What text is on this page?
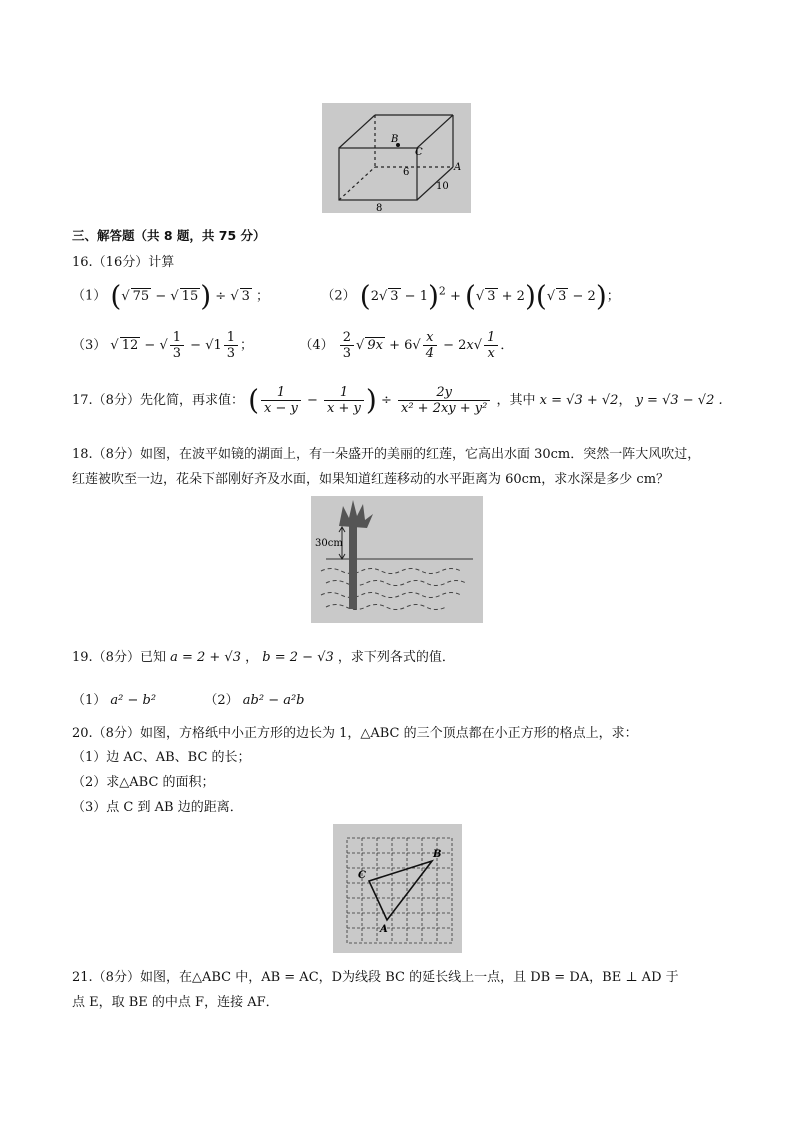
B
C
A
6
10
8
三、解答题（共 8 题，共 75 分）
16.（16分）计算
（1） ( √ 75 − √ 15) ÷ √ 3 ；	（2） (2 √ 3 − 1)$^2$ + ( √ 3 + 2)( √ 3 − 2)；
（3） √ 12 − √ $\frac{1}{3}$ − √ $1 \frac{1}{3}$ ；	$(4) \frac{2}{3}$ √ $9x + 6√ \frac{x}{4} - 2x√ \frac{1}{x}$ ．
17.（8分）先化简，再求值： ( $\frac{1}{x - y} - \frac{1}{x + y}$ ) ÷ $\frac{2y}{\text{x² + 2xy + y²}}$ ，其中 x = √3 + √2， y = √3 − √2 .
18.（8分）如图，在波平如镜的湖面上，有一朵盛开的美丽的红莲，它高出水面 30cm．突然一阵大风吹过，
红莲被吹至一边，花朵下部刚好齐及水面，如果知道红莲移动的水平距离为 60cm，求水深是多少 cm？
30cm
19.（8分）已知 a = 2 + √3 ， b = 2 − √3 ，求下列各式的值．
（1） a² − b²	（2） ab² − a²b
20.（8分）如图，方格纸中小正方形的边长为 1，△ABC 的三个顶点都在小正方形的格点上，求：
（1）边 AC、AB、BC 的长；
（2）求△ABC 的面积；
（3）点 C 到 AB 边的距离．
C
B
A
21.（8分）如图，在△ABC 中，AB = AC，D为线段 BC 的延长线上一点，且 DB = DA，BE ⊥ AD 于
点 E，取 BE 的中点 F，连接 AF．
